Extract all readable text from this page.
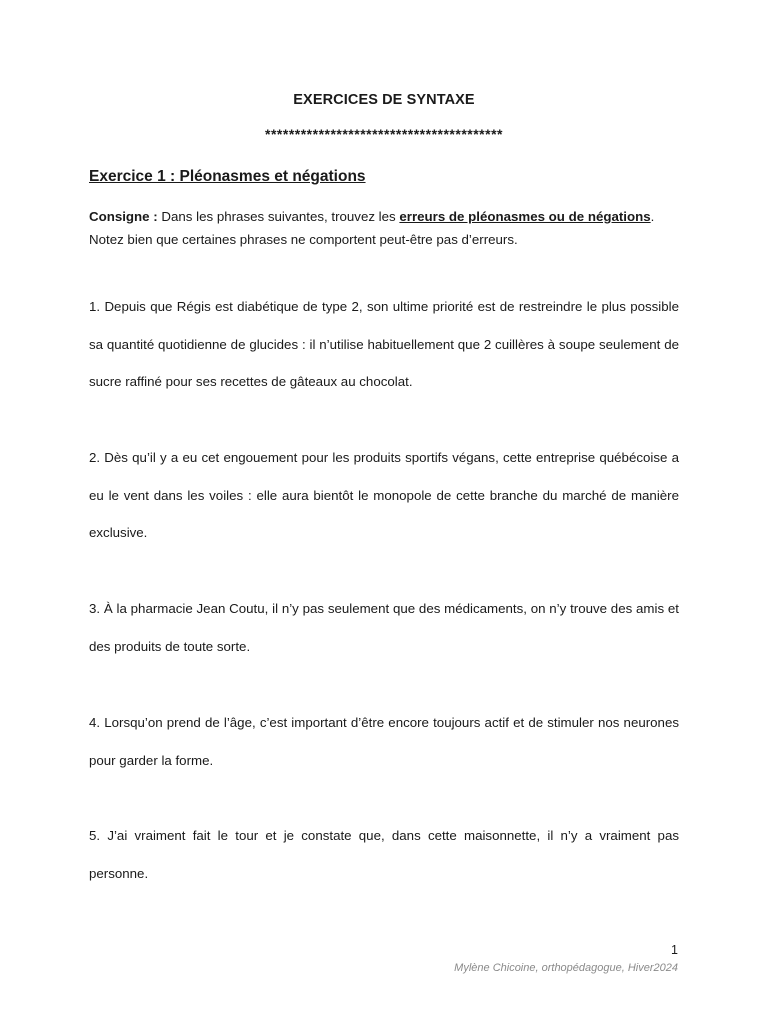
EXERCICES DE SYNTAXE
****************************************
Exercice 1 : Pléonasmes et négations
Consigne : Dans les phrases suivantes, trouvez les erreurs de pléonasmes ou de négations. Notez bien que certaines phrases ne comportent peut-être pas d’erreurs.

1. Depuis que Régis est diabétique de type 2, son ultime priorité est de restreindre le plus possible sa quantité quotidienne de glucides : il n’utilise habituellement que 2 cuillères à soupe seulement de sucre raffiné pour ses recettes de gâteaux au chocolat.

2. Dès qu’il y a eu cet engouement pour les produits sportifs végans, cette entreprise québécoise a eu le vent dans les voiles : elle aura bientôt le monopole de cette branche du marché de manière exclusive.

3. À la pharmacie Jean Coutu, il n’y pas seulement que des médicaments, on n’y trouve des amis et des produits de toute sorte.

4. Lorsqu’on prend de l’âge, c’est important d’être encore toujours actif et de stimuler nos neurones pour garder la forme.

5. J’ai vraiment fait le tour et je constate que, dans cette maisonnette, il n’y a vraiment pas personne.

1
Mylène Chicoine, orthopédagogue, Hiver2024
